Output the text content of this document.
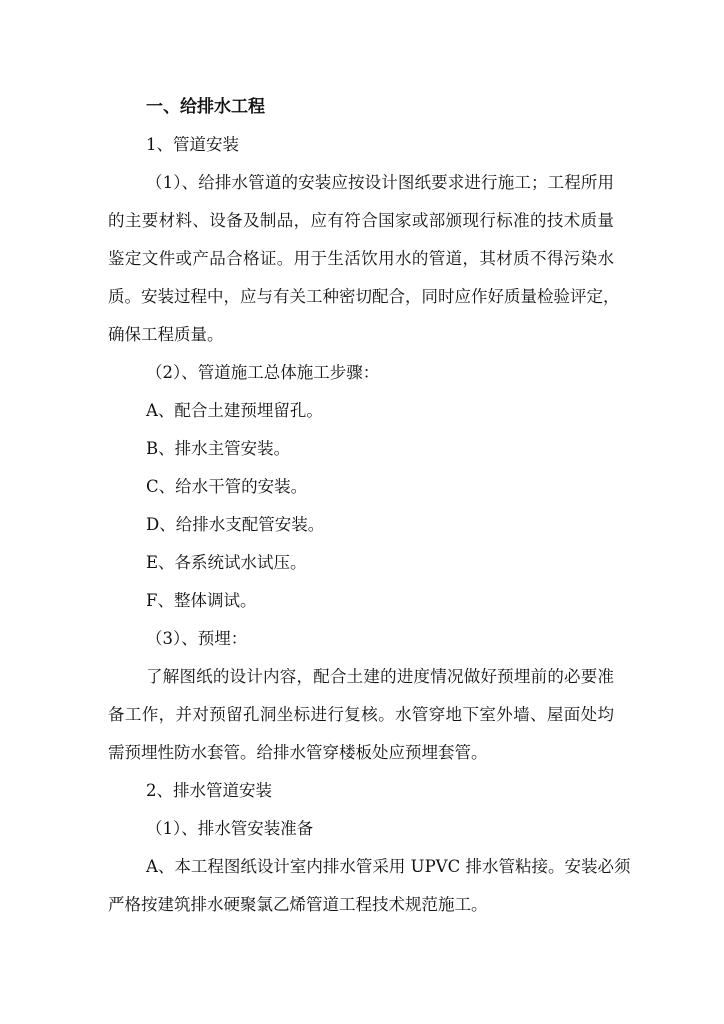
一、给排水工程
1、管道安装
（1）、给排水管道的安装应按设计图纸要求进行施工；工程所用
的主要材料、设备及制品，应有符合国家或部颁现行标准的技术质量
鉴定文件或产品合格证。用于生活饮用水的管道，其材质不得污染水
质。安装过程中，应与有关工种密切配合，同时应作好质量检验评定，
确保工程质量。
（2）、管道施工总体施工步骤：
A、配合土建预埋留孔。
B、排水主管安装。
C、给水干管的安装。
D、给排水支配管安装。
E、各系统试水试压。
F、整体调试。
（3）、预埋：
了解图纸的设计内容，配合土建的进度情况做好预埋前的必要准
备工作，并对预留孔洞坐标进行复核。水管穿地下室外墙、屋面处均
需预埋性防水套管。给排水管穿楼板处应预埋套管。
2、排水管道安装
（1）、排水管安装准备
A、本工程图纸设计室内排水管采用 UPVC 排水管粘接。安装必须
严格按建筑排水硬聚氯乙烯管道工程技术规范施工。
